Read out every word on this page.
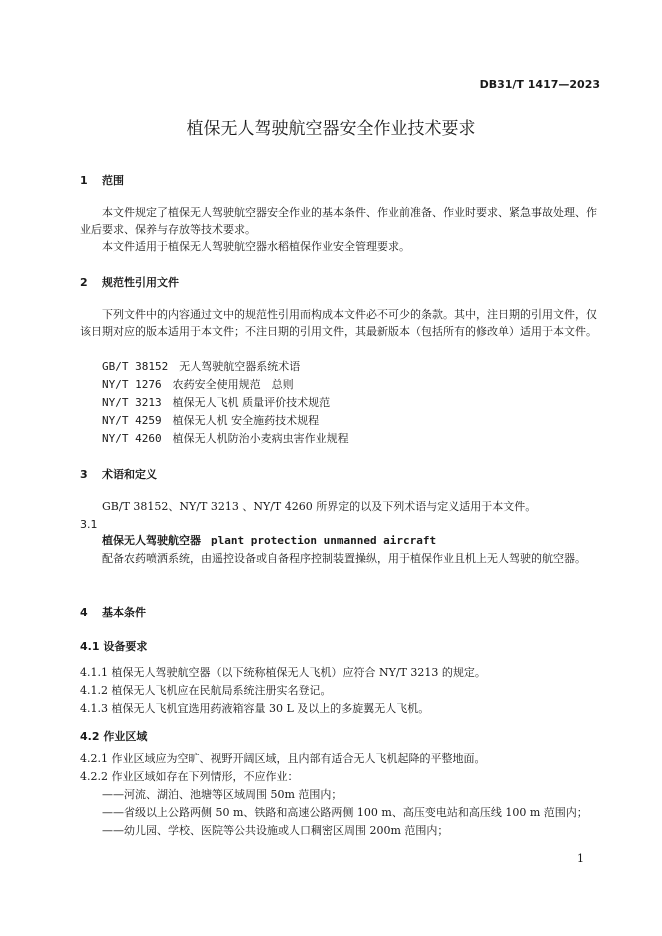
DB31/T 1417—2023
植保无人驾驶航空器安全作业技术要求
1 范围
本文件规定了植保无人驾驶航空器安全作业的基本条件、作业前准备、作业时要求、紧急事故处理、作业后要求、保养与存放等技术要求。
本文件适用于植保无人驾驶航空器水稻植保作业安全管理要求。
2 规范性引用文件
下列文件中的内容通过文中的规范性引用而构成本文件必不可少的条款。其中，注日期的引用文件，仅该日期对应的版本适用于本文件；不注日期的引用文件，其最新版本（包括所有的修改单）适用于本文件。
GB/T 38152　 无人驾驶航空器系统术语
NY/T 1276　 农药安全使用规范　总则
NY/T 3213　 植保无人飞机 质量评价技术规范
NY/T 4259　 植保无人机 安全施药技术规程
NY/T 4260　 植保无人机防治小麦病虫害作业规程
3 术语和定义
GB/T 38152、NY/T 3213 、NY/T 4260 所界定的以及下列术语与定义适用于本文件。
3.1
植保无人驾驶航空器 plant protection unmanned aircraft
配备农药喷洒系统，由遥控设备或自备程序控制装置操纵，用于植保作业且机上无人驾驶的航空器。
4 基本条件
4.1 设备要求
4.1.1 植保无人驾驶航空器（以下统称植保无人飞机）应符合 NY/T 3213 的规定。
4.1.2 植保无人飞机应在民航局系统注册实名登记。
4.1.3 植保无人飞机宜选用药液箱容量 30 L 及以上的多旋翼无人飞机。
4.2 作业区域
4.2.1 作业区域应为空旷、视野开阔区域，且内部有适合无人飞机起降的平整地面。
4.2.2 作业区域如存在下列情形，不应作业：
——河流、湖泊、池塘等区域周围 50m 范围内；
——省级以上公路两侧 50 m、铁路和高速公路两侧 100 m、高压变电站和高压线 100 m 范围内；
——幼儿园、学校、医院等公共设施或人口稠密区周围 200m 范围内；
1
